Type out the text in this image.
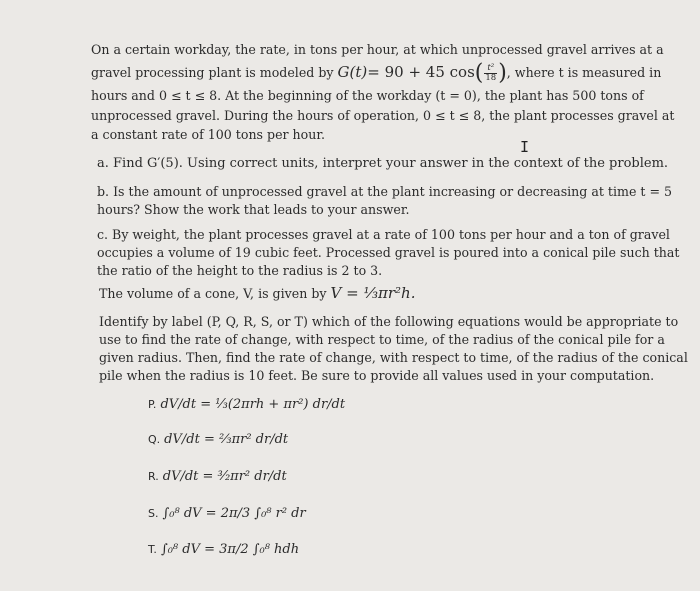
On a certain workday, the rate, in tons per hour, at which unprocessed gravel arrives at a
gravel processing plant is modeled by G(t)= 90 + 45 $\cos( \frac{\text{t²}}{18}$ ), where t is measured in
hours and 0 ≤ t ≤ 8. At the beginning of the workday (t = 0), the plant has 500 tons of
unprocessed gravel. During the hours of operation, 0 ≤ t ≤ 8, the plant processes gravel at
a constant rate of 100 tons per hour.
I
a. Find G′(5). Using correct units, interpret your answer in the context of the problem.
b. Is the amount of unprocessed gravel at the plant increasing or decreasing at time t = 5
hours? Show the work that leads to your answer.
c. By weight, the plant processes gravel at a rate of 100 tons per hour and a ton of gravel
occupies a volume of 19 cubic feet. Processed gravel is poured into a conical pile such that
the ratio of the height to the radius is 2 to 3.
The volume of a cone, V, is given by V = ⅓πr²h.
Identify by label (P, Q, R, S, or T) which of the following equations would be appropriate to
use to find the rate of change, with respect to time, of the radius of the conical pile for a
given radius. Then, find the rate of change, with respect to time, of the radius of the conical
pile when the radius is 10 feet. Be sure to provide all values used in your computation.
P. dV/dt = ⅓(2πrh + πr²) dr/dt
Q. dV/dt = ⅔πr² dr/dt
R. dV/dt = ³⁄₂πr² dr/dt
S. ∫₀⁸ dV = 2π/3 ∫₀⁸ r² dr
T. ∫₀⁸ dV = 3π/2 ∫₀⁸ hdh
